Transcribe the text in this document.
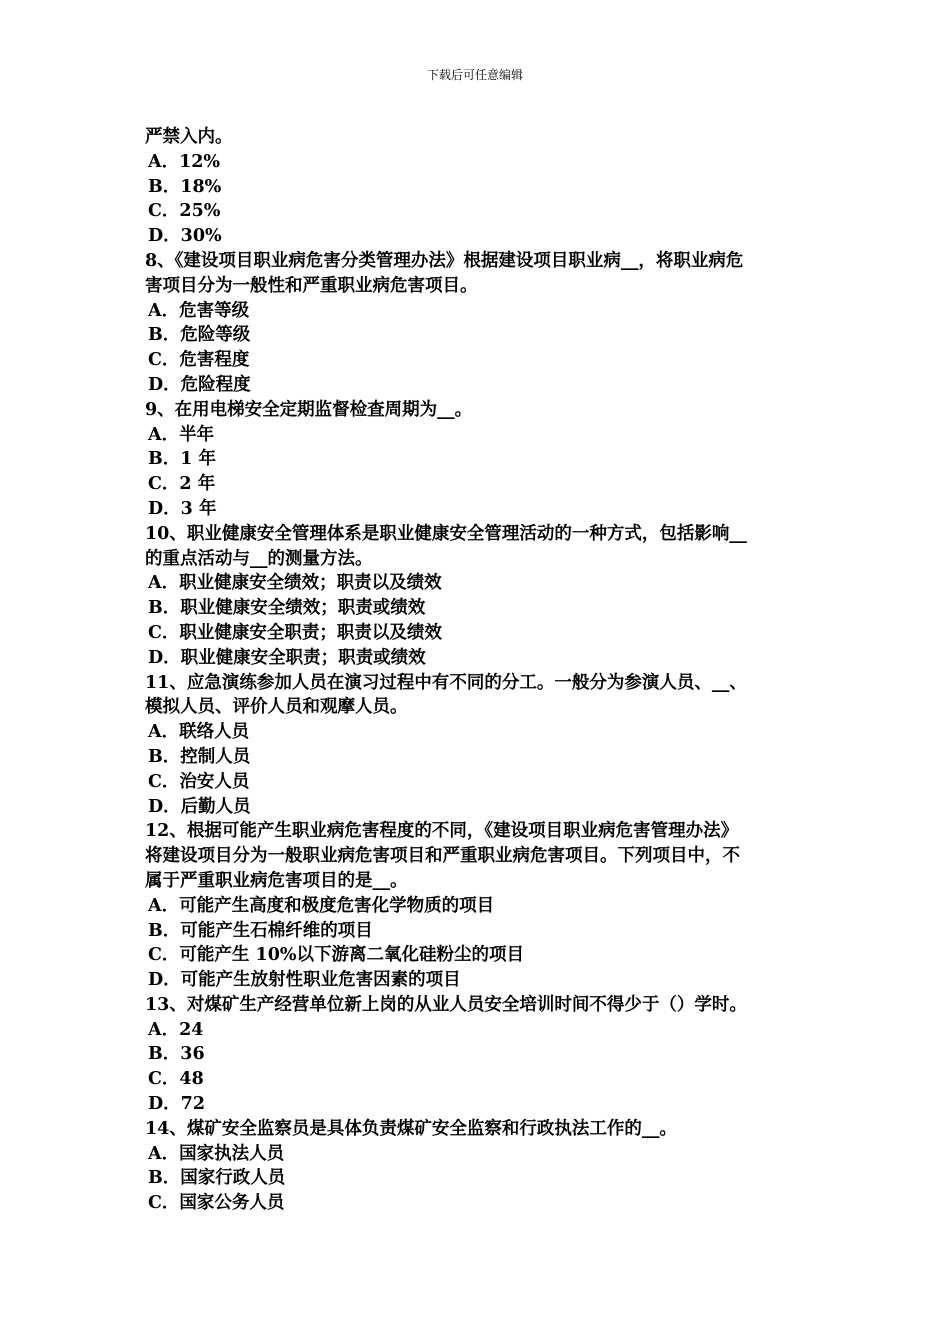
下载后可任意编辑
严禁入内。
A．12%
B．18%
C．25%
D．30%
8、《建设项目职业病危害分类管理办法》根据建设项目职业病__，将职业病危
害项目分为一般性和严重职业病危害项目。
A．危害等级
B．危险等级
C．危害程度
D．危险程度
9、在用电梯安全定期监督检查周期为__。
A．半年
B．1 年
C．2 年
D．3 年
10、职业健康安全管理体系是职业健康安全管理活动的一种方式，包括影响__
的重点活动与__的测量方法。
A．职业健康安全绩效；职责以及绩效
B．职业健康安全绩效；职责或绩效
C．职业健康安全职责；职责以及绩效
D．职业健康安全职责；职责或绩效
11、应急演练参加人员在演习过程中有不同的分工。一般分为参演人员、__、
模拟人员、评价人员和观摩人员。
A．联络人员
B．控制人员
C．治安人员
D．后勤人员
12、根据可能产生职业病危害程度的不同，《建设项目职业病危害管理办法》
将建设项目分为一般职业病危害项目和严重职业病危害项目。下列项目中，不
属于严重职业病危害项目的是__。
A．可能产生高度和极度危害化学物质的项目
B．可能产生石棉纤维的项目
C．可能产生 10%以下游离二氧化硅粉尘的项目
D．可能产生放射性职业危害因素的项目
13、对煤矿生产经营单位新上岗的从业人员安全培训时间不得少于（）学时。
A．24
B．36
C．48
D．72
14、煤矿安全监察员是具体负责煤矿安全监察和行政执法工作的__。
A．国家执法人员
B．国家行政人员
C．国家公务人员
